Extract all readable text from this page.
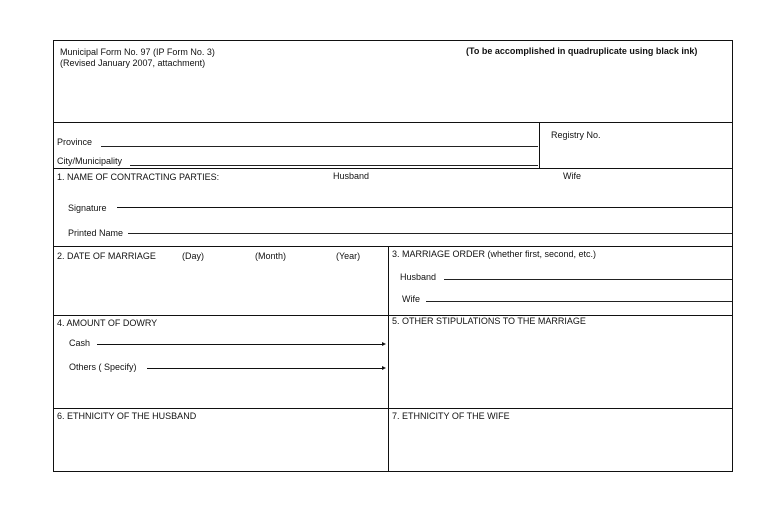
Municipal Form No. 97 (IP Form No. 3)
(Revised January 2007, attachment)
(To be accomplished in quadruplicate using black ink)
Province
Registry No.
City/Municipality
1. NAME OF CONTRACTING PARTIES:	Husband	Wife
Signature
Printed Name
2. DATE OF MARRIAGE	(Day)	(Month)	(Year)	3. MARRIAGE ORDER (whether first, second, etc.)
Husband
Wife
4. AMOUNT OF DOWRY
Cash
Others ( Specify)
5. OTHER STIPULATIONS TO THE MARRIAGE
6. ETHNICITY OF THE HUSBAND	7. ETHNICITY OF THE WIFE
